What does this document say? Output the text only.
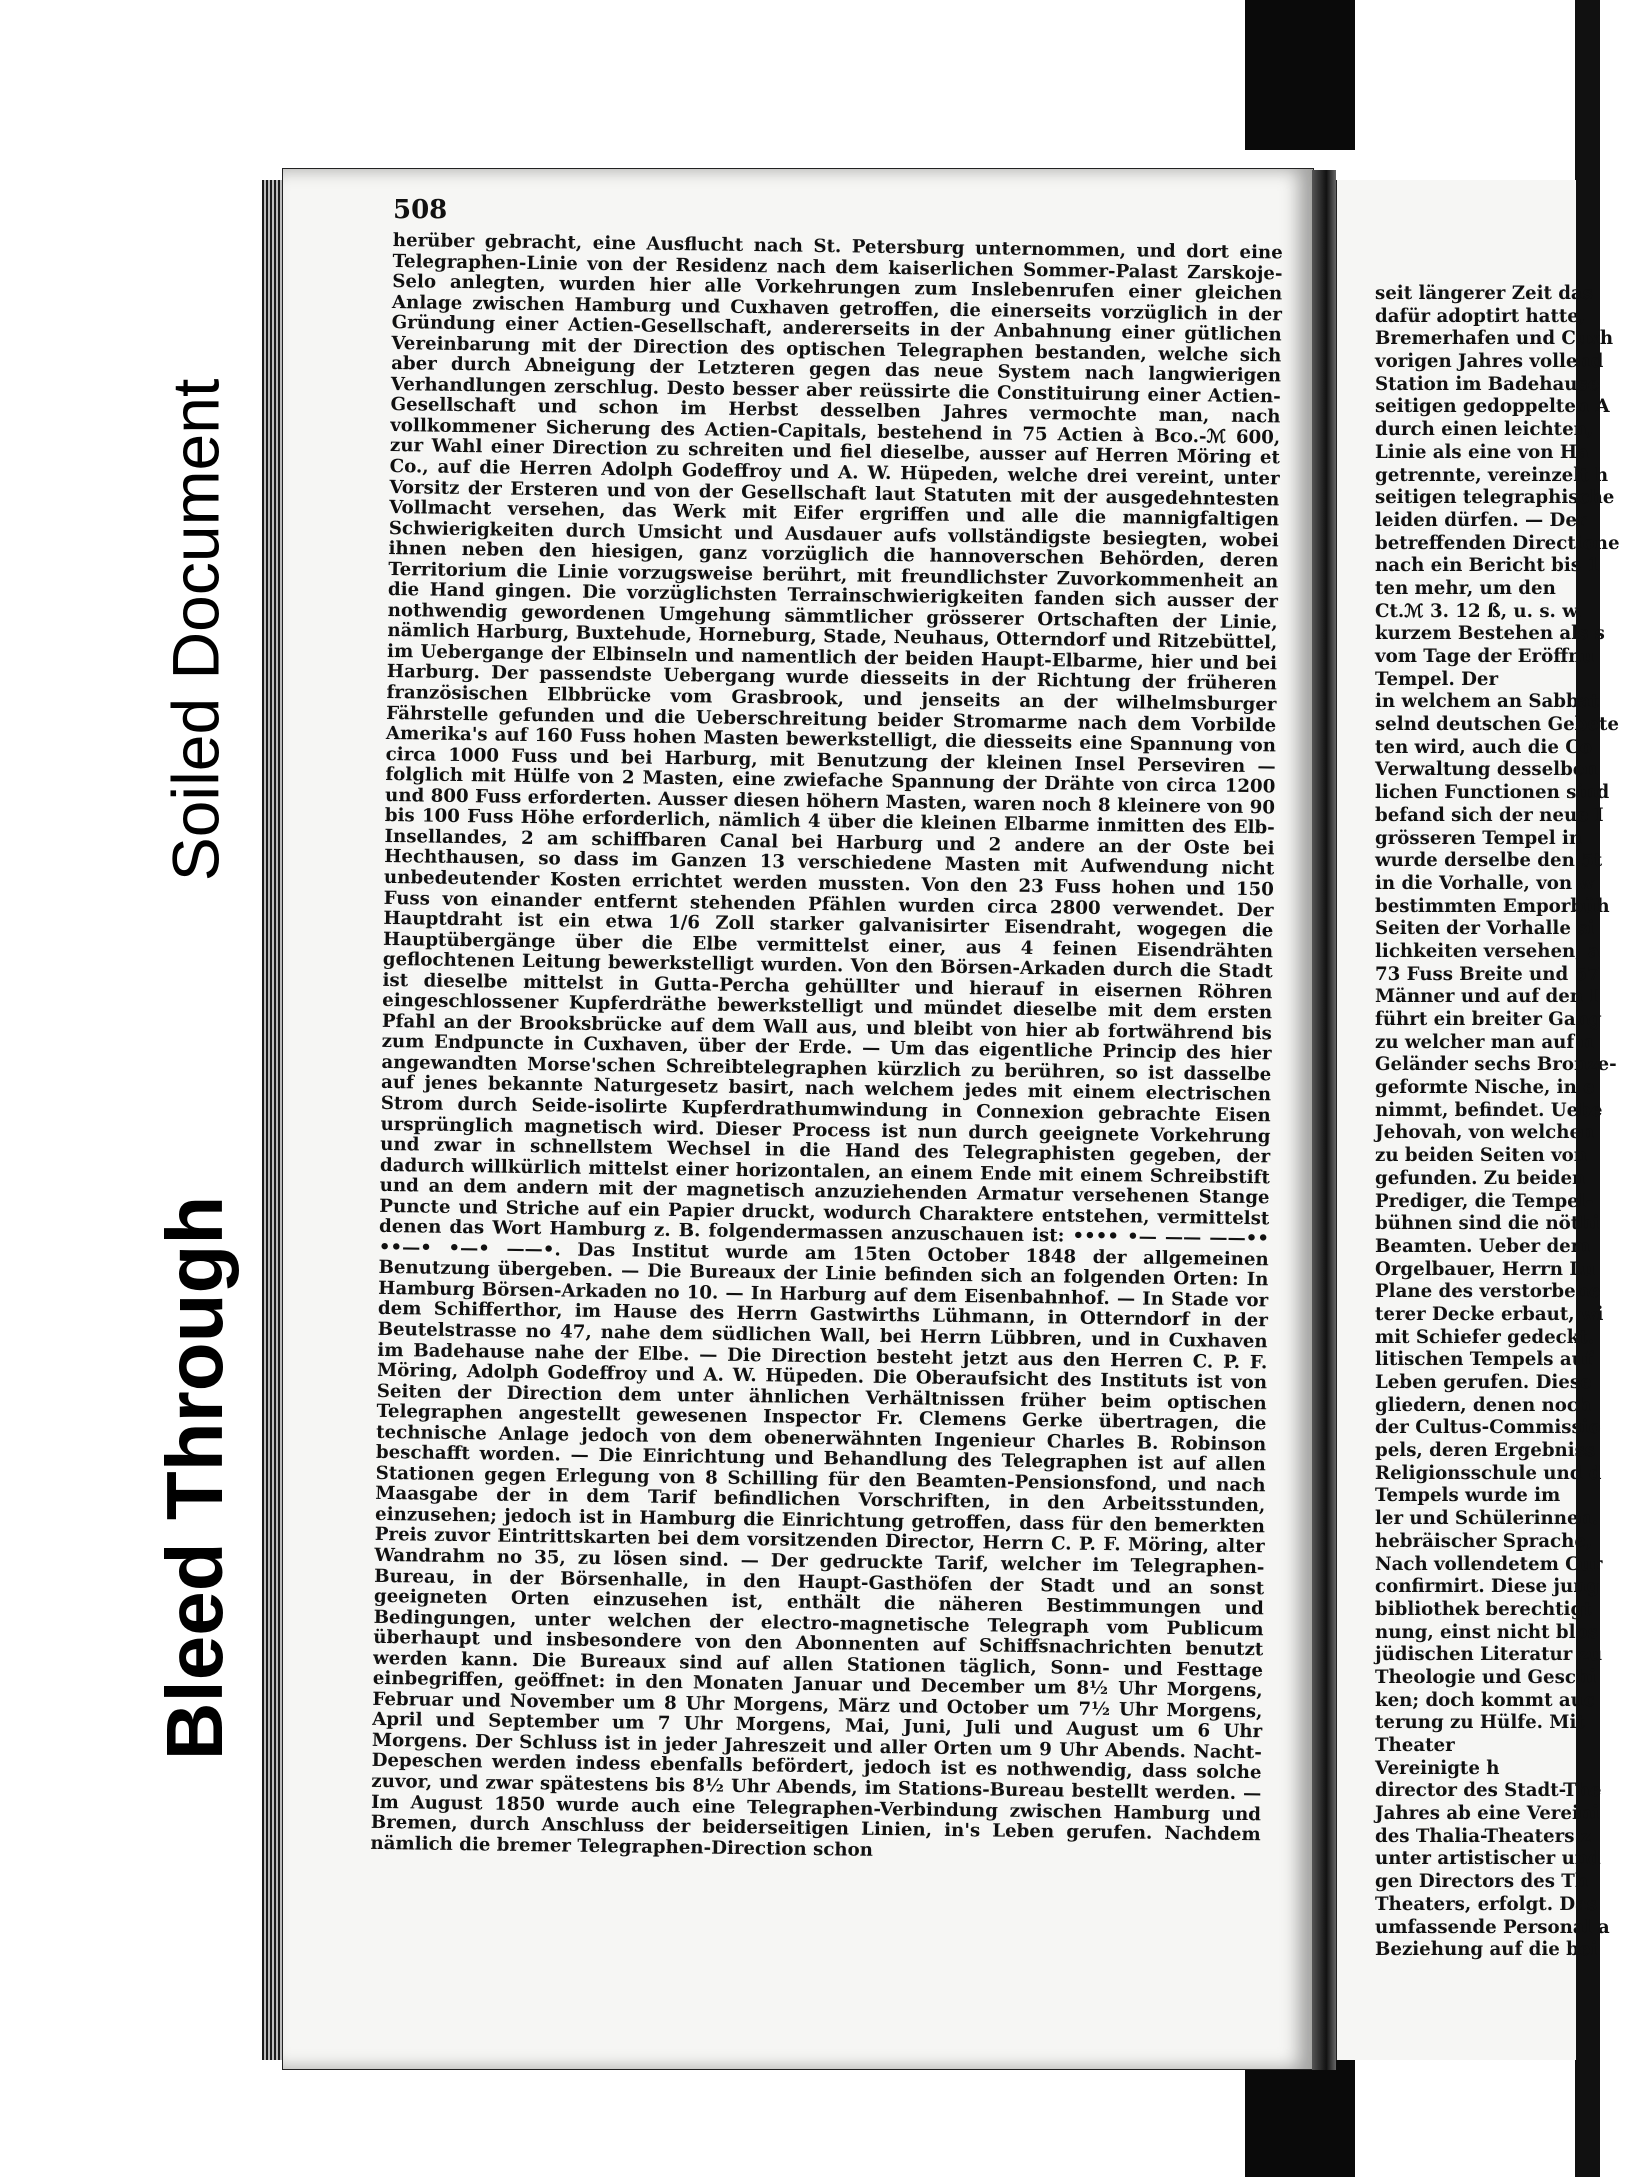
Soiled Document
Bleed Through
508
herüber gebracht, eine Ausflucht nach St. Petersburg unternommen, und dort eine Telegraphen-Linie von der Residenz nach dem kaiserlichen Sommer-Palast Zarskoje-Selo anlegten, wurden hier alle Vorkehrungen zum Inslebenrufen einer gleichen Anlage zwischen Hamburg und Cuxhaven getroffen, die einerseits vorzüglich in der Gründung einer Actien-Gesellschaft, andererseits in der Anbahnung einer gütlichen Vereinbarung mit der Direction des optischen Telegraphen bestanden, welche sich aber durch Abneigung der Letzteren gegen das neue System nach langwierigen Verhandlungen zerschlug. Desto besser aber reüssirte die Constituirung einer Actien-Gesellschaft und schon im Herbst desselben Jahres vermochte man, nach vollkommener Sicherung des Actien-Capitals, bestehend in 75 Actien à Bco.-ℳ 600, zur Wahl einer Direction zu schreiten und fiel dieselbe, ausser auf Herren Möring et Co., auf die Herren Adolph Godeffroy und A. W. Hüpeden, welche drei vereint, unter Vorsitz der Ersteren und von der Gesellschaft laut Statuten mit der ausgedehntesten Vollmacht versehen, das Werk mit Eifer ergriffen und alle die mannigfaltigen Schwierigkeiten durch Umsicht und Ausdauer aufs vollständigste besiegten, wobei ihnen neben den hiesigen, ganz vorzüglich die hannoverschen Behörden, deren Territorium die Linie vorzugsweise berührt, mit freundlichster Zuvorkommenheit an die Hand gingen. Die vorzüglichsten Terrainschwierigkeiten fanden sich ausser der nothwendig gewordenen Umgehung sämmtlicher grösserer Ortschaften der Linie, nämlich Harburg, Buxtehude, Horneburg, Stade, Neuhaus, Otterndorf und Ritzebüttel, im Uebergange der Elbinseln und namentlich der beiden Haupt-Elbarme, hier und bei Harburg. Der passendste Uebergang wurde diesseits in der Richtung der früheren französischen Elbbrücke vom Grasbrook, und jenseits an der wilhelmsburger Fährstelle gefunden und die Ueberschreitung beider Stromarme nach dem Vorbilde Amerika's auf 160 Fuss hohen Masten bewerkstelligt, die diesseits eine Spannung von circa 1000 Fuss und bei Harburg, mit Benutzung der kleinen Insel Perseviren — folglich mit Hülfe von 2 Masten, eine zwiefache Spannung der Drähte von circa 1200 und 800 Fuss erforderten. Ausser diesen höhern Masten, waren noch 8 kleinere von 90 bis 100 Fuss Höhe erforderlich, nämlich 4 über die kleinen Elbarme inmitten des Elb-Insellandes, 2 am schiffbaren Canal bei Harburg und 2 andere an der Oste bei Hechthausen, so dass im Ganzen 13 verschiedene Masten mit Aufwendung nicht unbedeutender Kosten errichtet werden mussten. Von den 23 Fuss hohen und 150 Fuss von einander entfernt stehenden Pfählen wurden circa 2800 verwendet. Der Hauptdraht ist ein etwa 1/6 Zoll starker galvanisirter Eisendraht, wogegen die Hauptübergänge über die Elbe vermittelst einer, aus 4 feinen Eisendrähten geflochtenen Leitung bewerkstelligt wurden. Von den Börsen-Arkaden durch die Stadt ist dieselbe mittelst in Gutta-Percha gehüllter und hierauf in eisernen Röhren eingeschlossener Kupferdräthe bewerkstelligt und mündet dieselbe mit dem ersten Pfahl an der Brooksbrücke auf dem Wall aus, und bleibt von hier ab fortwährend bis zum Endpuncte in Cuxhaven, über der Erde. — Um das eigentliche Princip des hier angewandten Morse'schen Schreibtelegraphen kürzlich zu berühren, so ist dasselbe auf jenes bekannte Naturgesetz basirt, nach welchem jedes mit einem electrischen Strom durch Seide-isolirte Kupferdrathumwindung in Connexion gebrachte Eisen ursprünglich magnetisch wird. Dieser Process ist nun durch geeignete Vorkehrung und zwar in schnellstem Wechsel in die Hand des Telegraphisten gegeben, der dadurch willkürlich mittelst einer horizontalen, an einem Ende mit einem Schreibstift und an dem andern mit der magnetisch anzuziehenden Armatur versehenen Stange Puncte und Striche auf ein Papier druckt, wodurch Charaktere entstehen, vermittelst denen das Wort Hamburg z. B. folgendermassen anzuschauen ist: •••• •— —— ——•• ••—• •—• ——•. Das Institut wurde am 15ten October 1848 der allgemeinen Benutzung übergeben. — Die Bureaux der Linie befinden sich an folgenden Orten: In Hamburg Börsen-Arkaden no 10. — In Harburg auf dem Eisenbahnhof. — In Stade vor dem Schifferthor, im Hause des Herrn Gastwirths Lühmann, in Otterndorf in der Beutelstrasse no 47, nahe dem südlichen Wall, bei Herrn Lübbren, und in Cuxhaven im Badehause nahe der Elbe. — Die Direction besteht jetzt aus den Herren C. P. F. Möring, Adolph Godeffroy und A. W. Hüpeden. Die Oberaufsicht des Instituts ist von Seiten der Direction dem unter ähnlichen Verhältnissen früher beim optischen Telegraphen angestellt gewesenen Inspector Fr. Clemens Gerke übertragen, die technische Anlage jedoch von dem obenerwähnten Ingenieur Charles B. Robinson beschafft worden. — Die Einrichtung und Behandlung des Telegraphen ist auf allen Stationen gegen Erlegung von 8 Schilling für den Beamten-Pensionsfond, und nach Maasgabe der in dem Tarif befindlichen Vorschriften, in den Arbeitsstunden, einzusehen; jedoch ist in Hamburg die Einrichtung getroffen, dass für den bemerkten Preis zuvor Eintrittskarten bei dem vorsitzenden Director, Herrn C. P. F. Möring, alter Wandrahm no 35, zu lösen sind. — Der gedruckte Tarif, welcher im Telegraphen-Bureau, in der Börsenhalle, in den Haupt-Gasthöfen der Stadt und an sonst geeigneten Orten einzusehen ist, enthält die näheren Bestimmungen und Bedingungen, unter welchen der electro-magnetische Telegraph vom Publicum überhaupt und insbesondere von den Abonnenten auf Schiffsnachrichten benutzt werden kann. Die Bureaux sind auf allen Stationen täglich, Sonn- und Festtage einbegriffen, geöffnet: in den Monaten Januar und December um 8½ Uhr Morgens, Februar und November um 8 Uhr Morgens, März und October um 7½ Uhr Morgens, April und September um 7 Uhr Morgens, Mai, Juni, Juli und August um 6 Uhr Morgens. Der Schluss ist in jeder Jahreszeit und aller Orten um 9 Uhr Abends. Nacht-Depeschen werden indess ebenfalls befördert, jedoch ist es nothwendig, dass solche zuvor, und zwar spätestens bis 8½ Uhr Abends, im Stations-Bureau bestellt werden. — Im August 1850 wurde auch eine Telegraphen-Verbindung zwischen Hamburg und Bremen, durch Anschluss der beiderseitigen Linien, in's Leben gerufen. Nachdem nämlich die bremer Telegraphen-Direction schon
seit längerer Zeit das
dafür adoptirt hatte,
Bremerhafen und Cuxh
vorigen Jahres vollend
Station im Badehause
seitigen gedoppelten A
durch einen leichten,
Linie als eine von Ha
getrennte, vereinzelt h
seitigen telegraphische
leiden dürfen. — Der
betreffenden Directione
nach ein Bericht bis 1
ten mehr, um den
Ct.ℳ 3. 12 ß, u. s. w.
kurzem Bestehen als s
vom Tage der Eröffnu
Tempel. Der
in welchem an Sabbat
selnd deutschen Gebete
ten wird, auch die Co
Verwaltung desselben
lichen Functionen sind
befand sich der neue I
grösseren Tempel in
wurde derselbe den 5t
in die Vorhalle, von w
bestimmten Emporbüh
Seiten der Vorhalle si
lichkeiten versehen, a
73 Fuss Breite und 57
Männer und auf den I
führt ein breiter Gang
zu welcher man auf n
Geländer sechs Bronze-
geformte Nische, in e
nimmt, befindet. Uebe
Jehovah, von welchen
zu beiden Seiten von
gefunden. Zu beiden
Prediger, die Tempel-
bühnen sind die nöthi
Beamten. Ueber dem
Orgelbauer, Herrn Lu
Plane des verstorbene
terer Decke erbaut, wi
mit Schiefer gedeckt.
litischen Tempels auf
Leben gerufen. Diese
gliedern, denen noch
der Cultus-Commissio
pels, deren Ergebniss
Religionsschule und d
Tempels wurde im
ler und Schülerinnen.
hebräischer Sprache,
Nach vollendetem Cur
confirmirt. Diese jung
bibliothek berechtigt
nung, einst nicht blos
jüdischen Literatur zu
Theologie und Geschi
ken; doch kommt auc
terung zu Hülfe. Mit
Theater
Vereinigte h
director des Stadt-The
Jahres ab eine Vereini
des Thalia-Theaters z
unter artistischer und
gen Directors des Th
Theaters, erfolgt. Das
umfassende Personal a
Beziehung auf die bei
